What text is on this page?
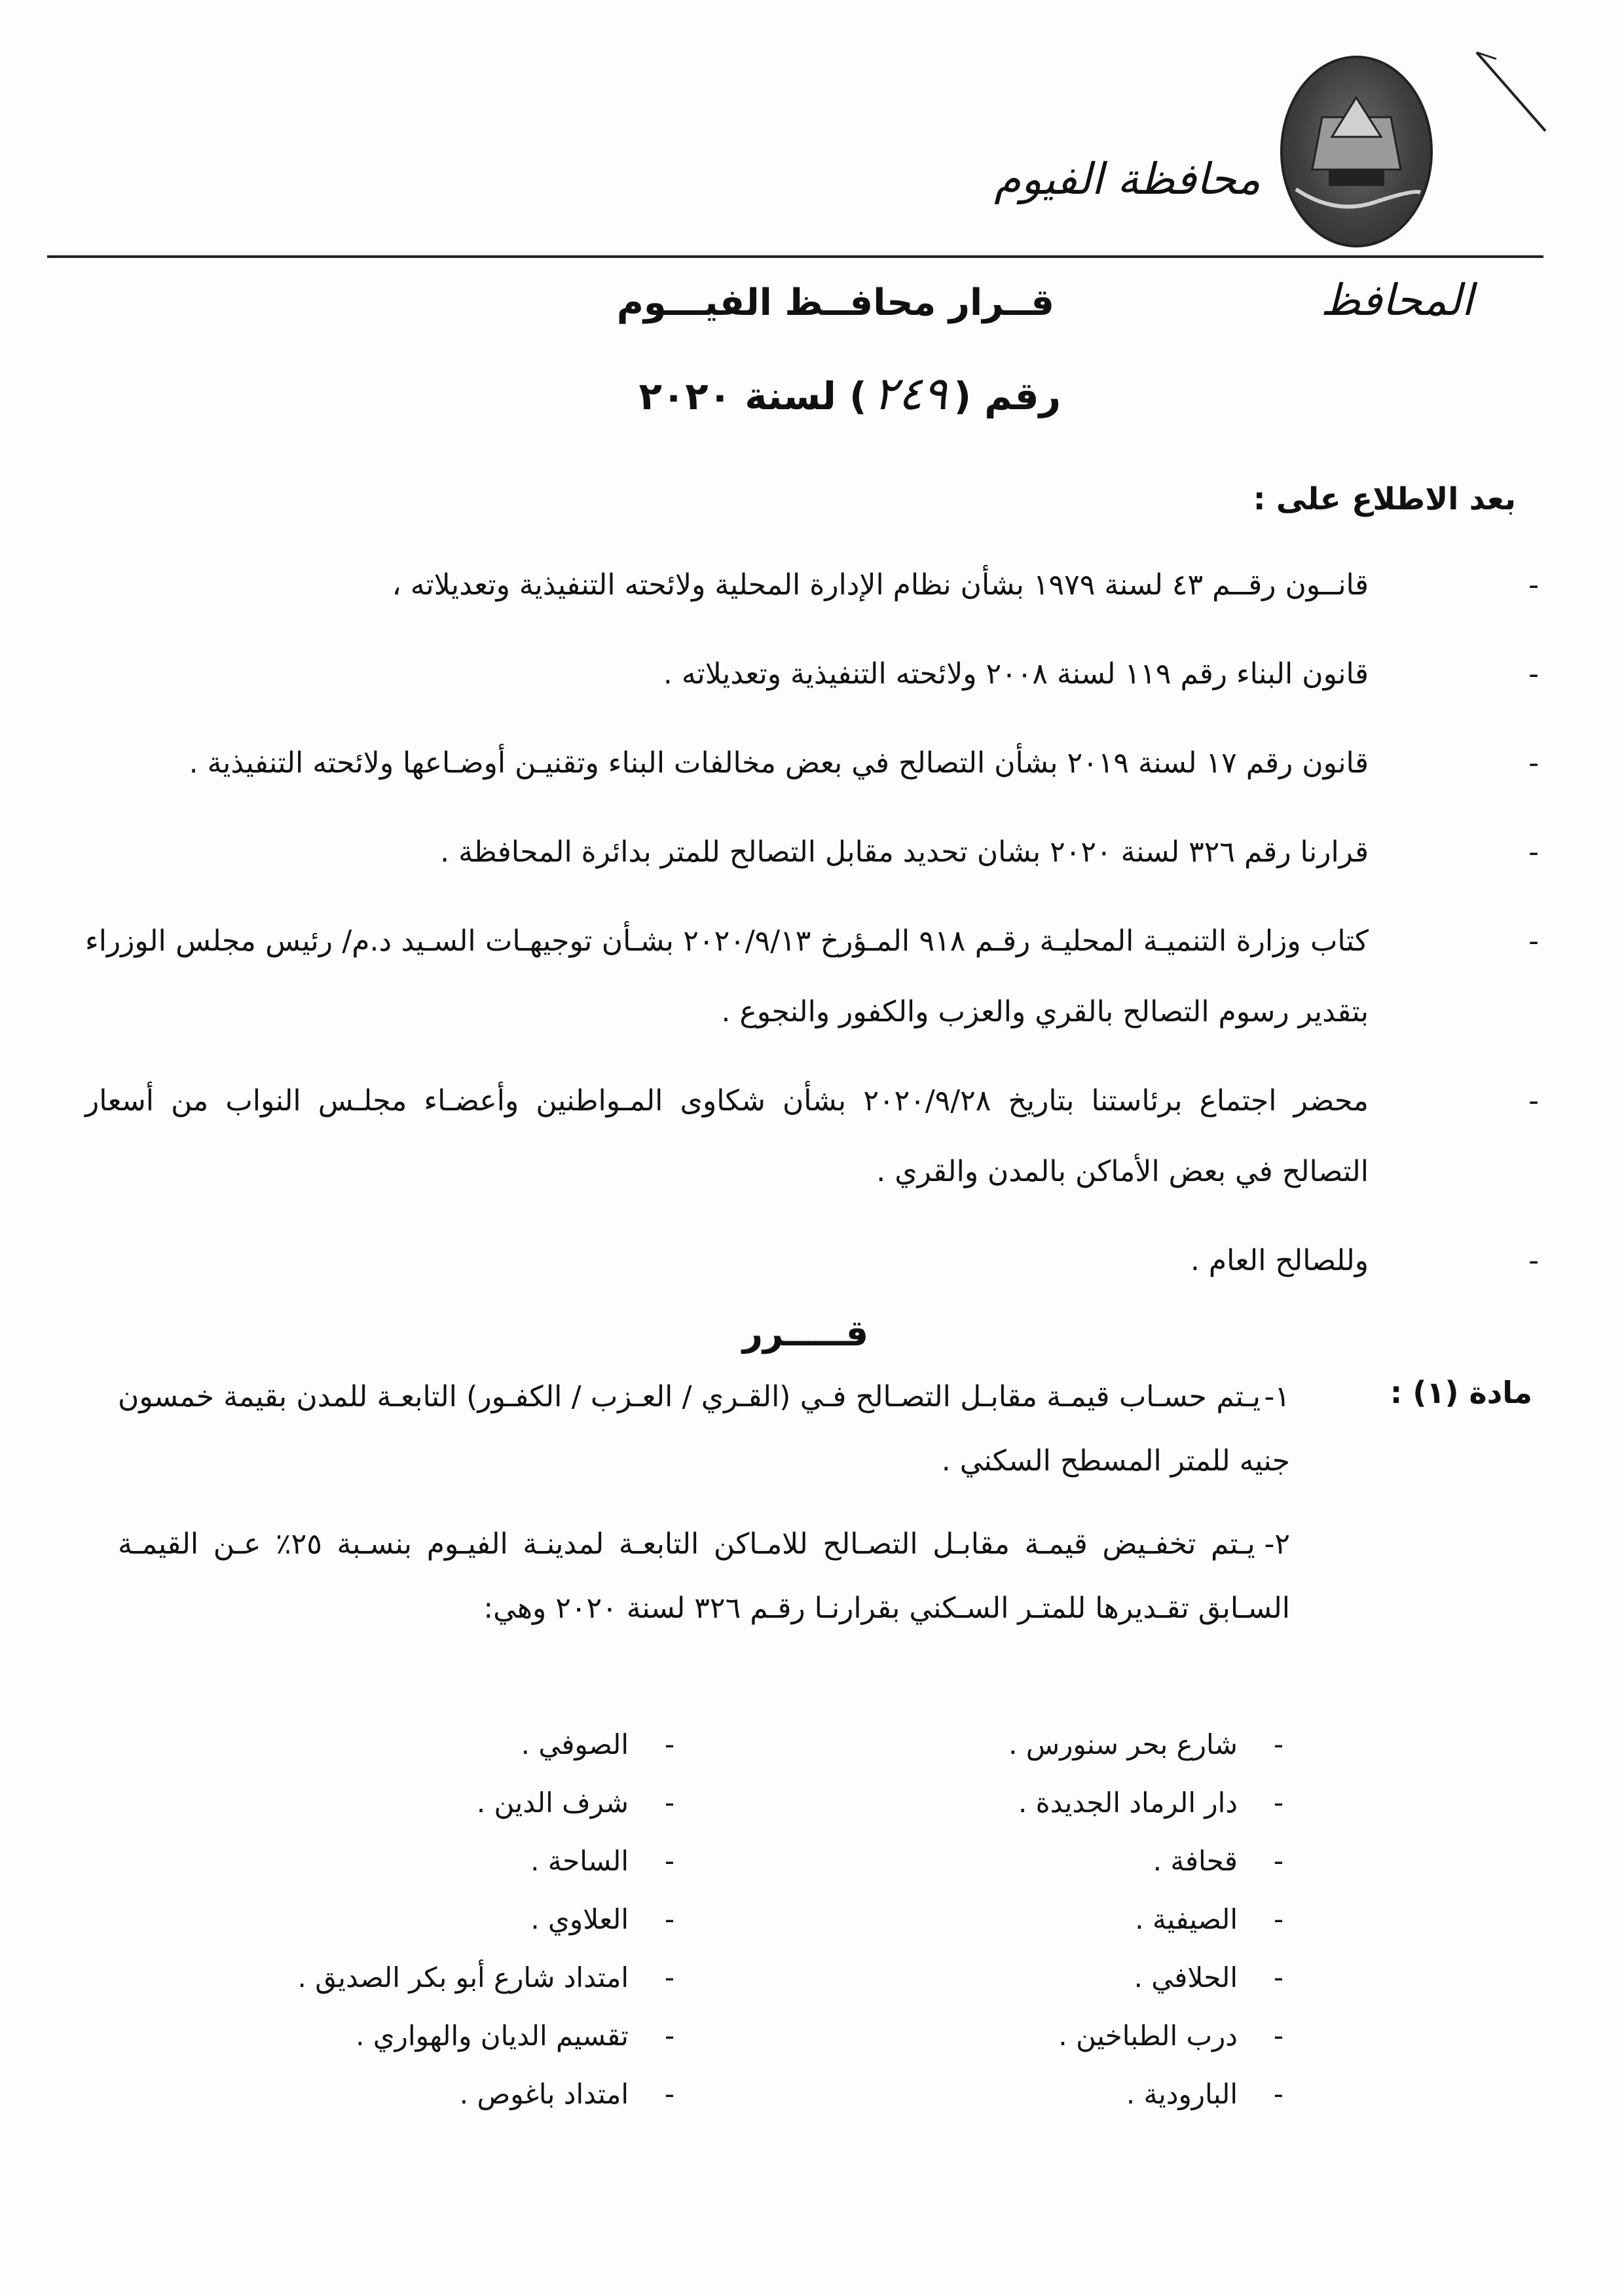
محافظة الفيوم
المحافظ
قــرار محافــظ الفيـــوم
رقم (٢٤٩) لسنة ٢٠٢٠
بعد الاطلاع على :
-
قانــون رقــم ٤٣ لسنة ١٩٧٩ بشأن نظام الإدارة المحلية ولائحته التنفيذية وتعديلاته ،
-
قانون البناء رقم ١١٩ لسنة ٢٠٠٨ ولائحته التنفيذية وتعديلاته .
-
قانون رقم ١٧ لسنة ٢٠١٩ بشأن التصالح في بعض مخالفات البناء وتقنيـن أوضـاعها ولائحته التنفيذية .
-
قرارنا رقم ٣٢٦ لسنة ٢٠٢٠ بشان تحديد مقابل التصالح للمتر بدائرة المحافظة .
-
كتاب وزارة التنميـة المحليـة رقـم ٩١٨ المـؤرخ ٢٠٢٠/٩/١٣ بشـأن توجيهـات السـيد د.م/ رئيس مجلس الوزراء بتقدير رسوم التصالح بالقري والعزب والكفور والنجوع .
-
محضر اجتماع برئاستنا بتاريخ ٢٠٢٠/٩/٢٨ بشأن شكاوى المـواطنين وأعضـاء مجلـس النواب من أسعار التصالح في بعض الأماكن بالمدن والقري .
-
وللصالح العام .
قـــــرر
مادة (١) :
١- يـتم حسـاب قيمـة مقابـل التصـالح فـي (القـري / العـزب / الكفـور) التابعـة للمدن بقيمة خمسون جنيه للمتر المسطح السكني .
٢- يـتم تخفـيض قيمـة مقابـل التصـالح للامـاكن التابعـة لمدينـة الفيـوم بنسـبة ٢٥٪ عـن القيمـة السـابق تقـديرها للمتـر السـكني بقرارنـا رقـم ٣٢٦ لسنة ٢٠٢٠ وهي:
-
شارع بحر سنورس .
-
دار الرماد الجديدة .
-
قحافة .
-
الصيفية .
-
الحلافي .
-
درب الطباخين .
-
البارودية .
-
الصوفي .
-
شرف الدين .
-
الساحة .
-
العلاوي .
-
امتداد شارع أبو بكر الصديق .
-
تقسيم الديان والهواري .
-
امتداد باغوص .
